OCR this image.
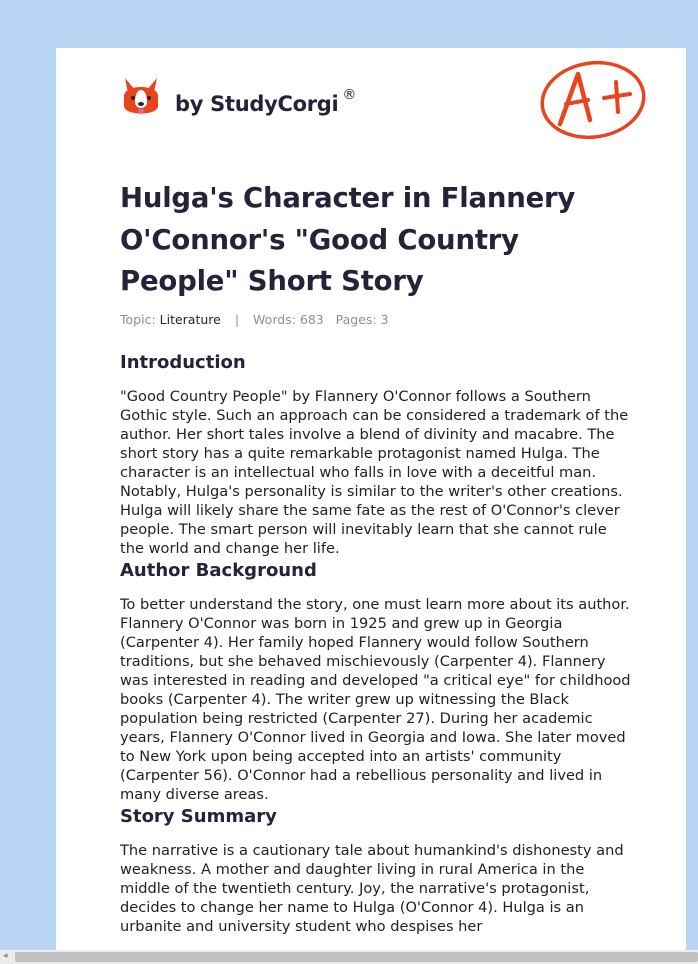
by StudyCorgi ®
Hulga's Character in Flannery O'Connor's "Good Country People" Short Story
Topic: Literature | Words: 683 Pages: 3
Introduction

"Good Country People" by Flannery O'Connor follows a Southern Gothic style. Such an approach can be considered a trademark of the author. Her short tales involve a blend of divinity and macabre. The short story has a quite remarkable protagonist named Hulga. The character is an intellectual who falls in love with a deceitful man. Notably, Hulga's personality is similar to the writer's other creations. Hulga will likely share the same fate as the rest of O'Connor's clever people. The smart person will inevitably learn that she cannot rule the world and change her life.

Author Background

To better understand the story, one must learn more about its author. Flannery O'Connor was born in 1925 and grew up in Georgia (Carpenter 4). Her family hoped Flannery would follow Southern traditions, but she behaved mischievously (Carpenter 4). Flannery was interested in reading and developed "a critical eye" for childhood books (Carpenter 4). The writer grew up witnessing the Black population being restricted (Carpenter 27). During her academic years, Flannery O'Connor lived in Georgia and Iowa. She later moved to New York upon being accepted into an artists' community (Carpenter 56). O'Connor had a rebellious personality and lived in many diverse areas.

Story Summary

The narrative is a cautionary tale about humankind's dishonesty and weakness. A mother and daughter living in rural America in the middle of the twentieth century. Joy, the narrative's protagonist, decides to change her name to Hulga (O'Connor 4). Hulga is an urbanite and university student who despises her

◂
